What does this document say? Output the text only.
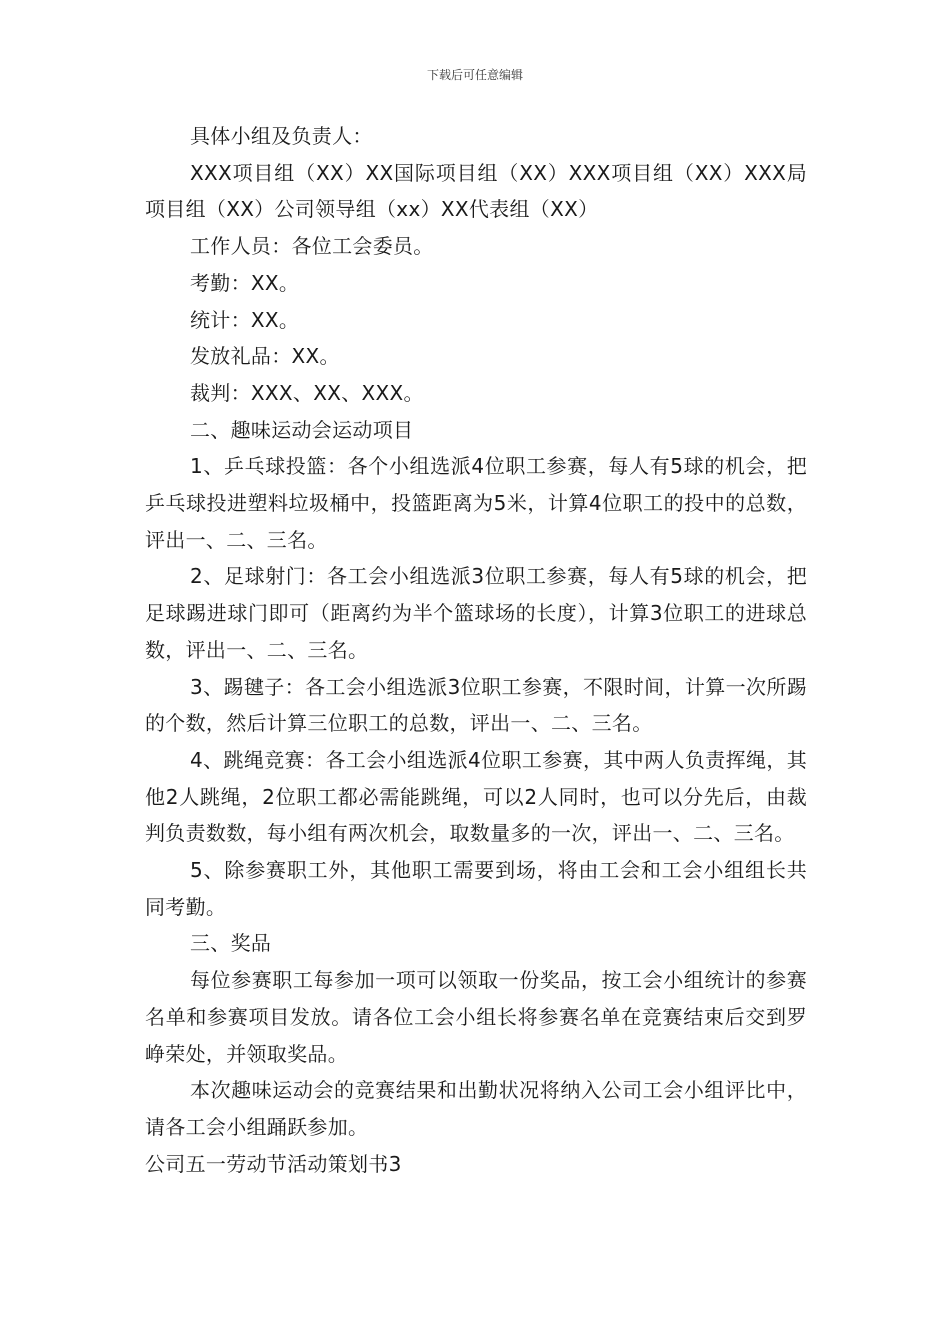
下载后可任意编辑

具体小组及负责人：

XXX项目组（XX）XX国际项目组（XX）XXX项目组（XX）XXX局项目组（XX）公司领导组（xx）XX代表组（XX）

工作人员：各位工会委员。

考勤：XX。

统计：XX。

发放礼品：XX。

裁判：XXX、XX、XXX。

二、趣味运动会运动项目

1、乒乓球投篮：各个小组选派4位职工参赛，每人有5球的机会，把乒乓球投进塑料垃圾桶中，投篮距离为5米，计算4位职工的投中的总数，评出一、二、三名。

2、足球射门：各工会小组选派3位职工参赛，每人有5球的机会，把足球踢进球门即可（距离约为半个篮球场的长度），计算3位职工的进球总数，评出一、二、三名。

3、踢毽子：各工会小组选派3位职工参赛，不限时间，计算一次所踢的个数，然后计算三位职工的总数，评出一、二、三名。

4、跳绳竞赛：各工会小组选派4位职工参赛，其中两人负责挥绳，其他2人跳绳，2位职工都必需能跳绳，可以2人同时，也可以分先后，由裁判负责数数，每小组有两次机会，取数量多的一次，评出一、二、三名。

5、除参赛职工外，其他职工需要到场，将由工会和工会小组组长共同考勤。

三、奖品

每位参赛职工每参加一项可以领取一份奖品，按工会小组统计的参赛名单和参赛项目发放。请各位工会小组长将参赛名单在竞赛结束后交到罗峥荣处，并领取奖品。

本次趣味运动会的竞赛结果和出勤状况将纳入公司工会小组评比中，请各工会小组踊跃参加。

公司五一劳动节活动策划书3
